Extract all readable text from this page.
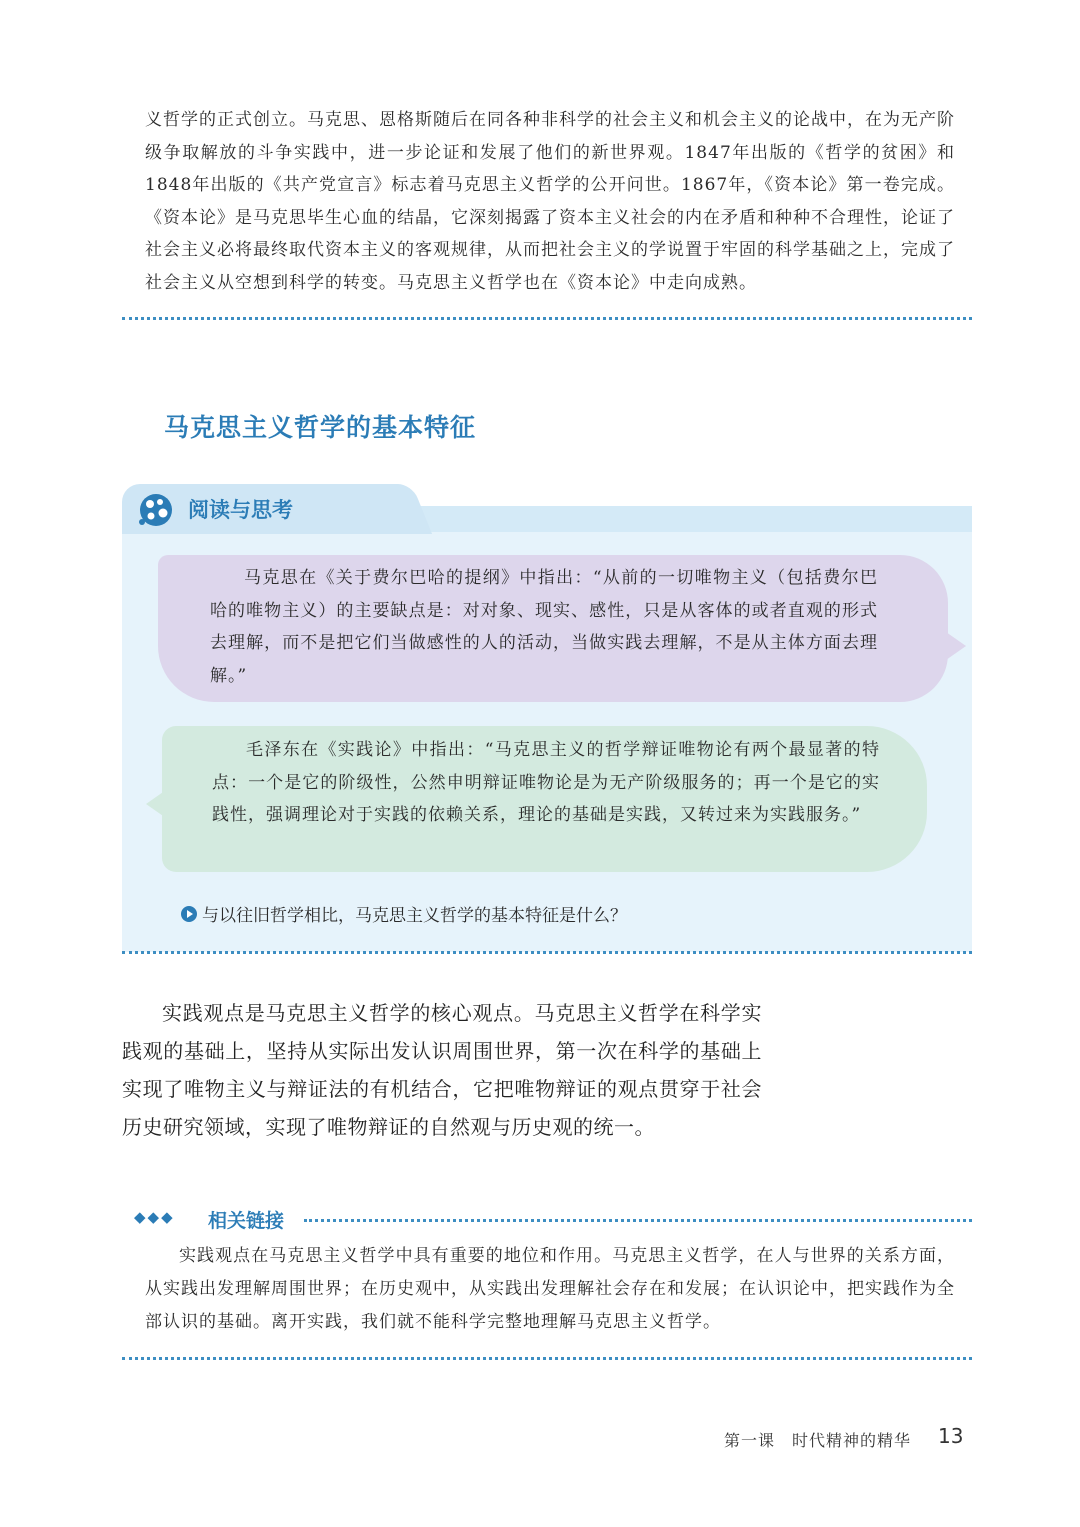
义哲学的正式创立。马克思、恩格斯随后在同各种非科学的社会主义和机会主义的论战中，在为无产阶级争取解放的斗争实践中，进一步论证和发展了他们的新世界观。1847年出版的《哲学的贫困》和1848年出版的《共产党宣言》标志着马克思主义哲学的公开问世。1867年，《资本论》第一卷完成。《资本论》是马克思毕生心血的结晶，它深刻揭露了资本主义社会的内在矛盾和种种不合理性，论证了社会主义必将最终取代资本主义的客观规律，从而把社会主义的学说置于牢固的科学基础之上，完成了社会主义从空想到科学的转变。马克思主义哲学也在《资本论》中走向成熟。

马克思主义哲学的基本特征
阅读与思考

马克思在《关于费尔巴哈的提纲》中指出：“从前的一切唯物主义（包括费尔巴哈的唯物主义）的主要缺点是：对对象、现实、感性，只是从客体的或者直观的形式去理解，而不是把它们当做感性的人的活动，当做实践去理解，不是从主体方面去理解。”

毛泽东在《实践论》中指出：“马克思主义的哲学辩证唯物论有两个最显著的特点：一个是它的阶级性，公然申明辩证唯物论是为无产阶级服务的；再一个是它的实践性，强调理论对于实践的依赖关系，理论的基础是实践，又转过来为实践服务。”

与以往旧哲学相比，马克思主义哲学的基本特征是什么？

实践观点是马克思主义哲学的核心观点。马克思主义哲学在科学实践观的基础上，坚持从实际出发认识周围世界，第一次在科学的基础上实现了唯物主义与辩证法的有机结合，它把唯物辩证的观点贯穿于社会历史研究领域，实现了唯物辩证的自然观与历史观的统一。

◆◆◆ 相关链接

实践观点在马克思主义哲学中具有重要的地位和作用。马克思主义哲学，在人与世界的关系方面，从实践出发理解周围世界；在历史观中，从实践出发理解社会存在和发展；在认识论中，把实践作为全部认识的基础。离开实践，我们就不能科学完整地理解马克思主义哲学。

第一课　时代精神的精华 13
